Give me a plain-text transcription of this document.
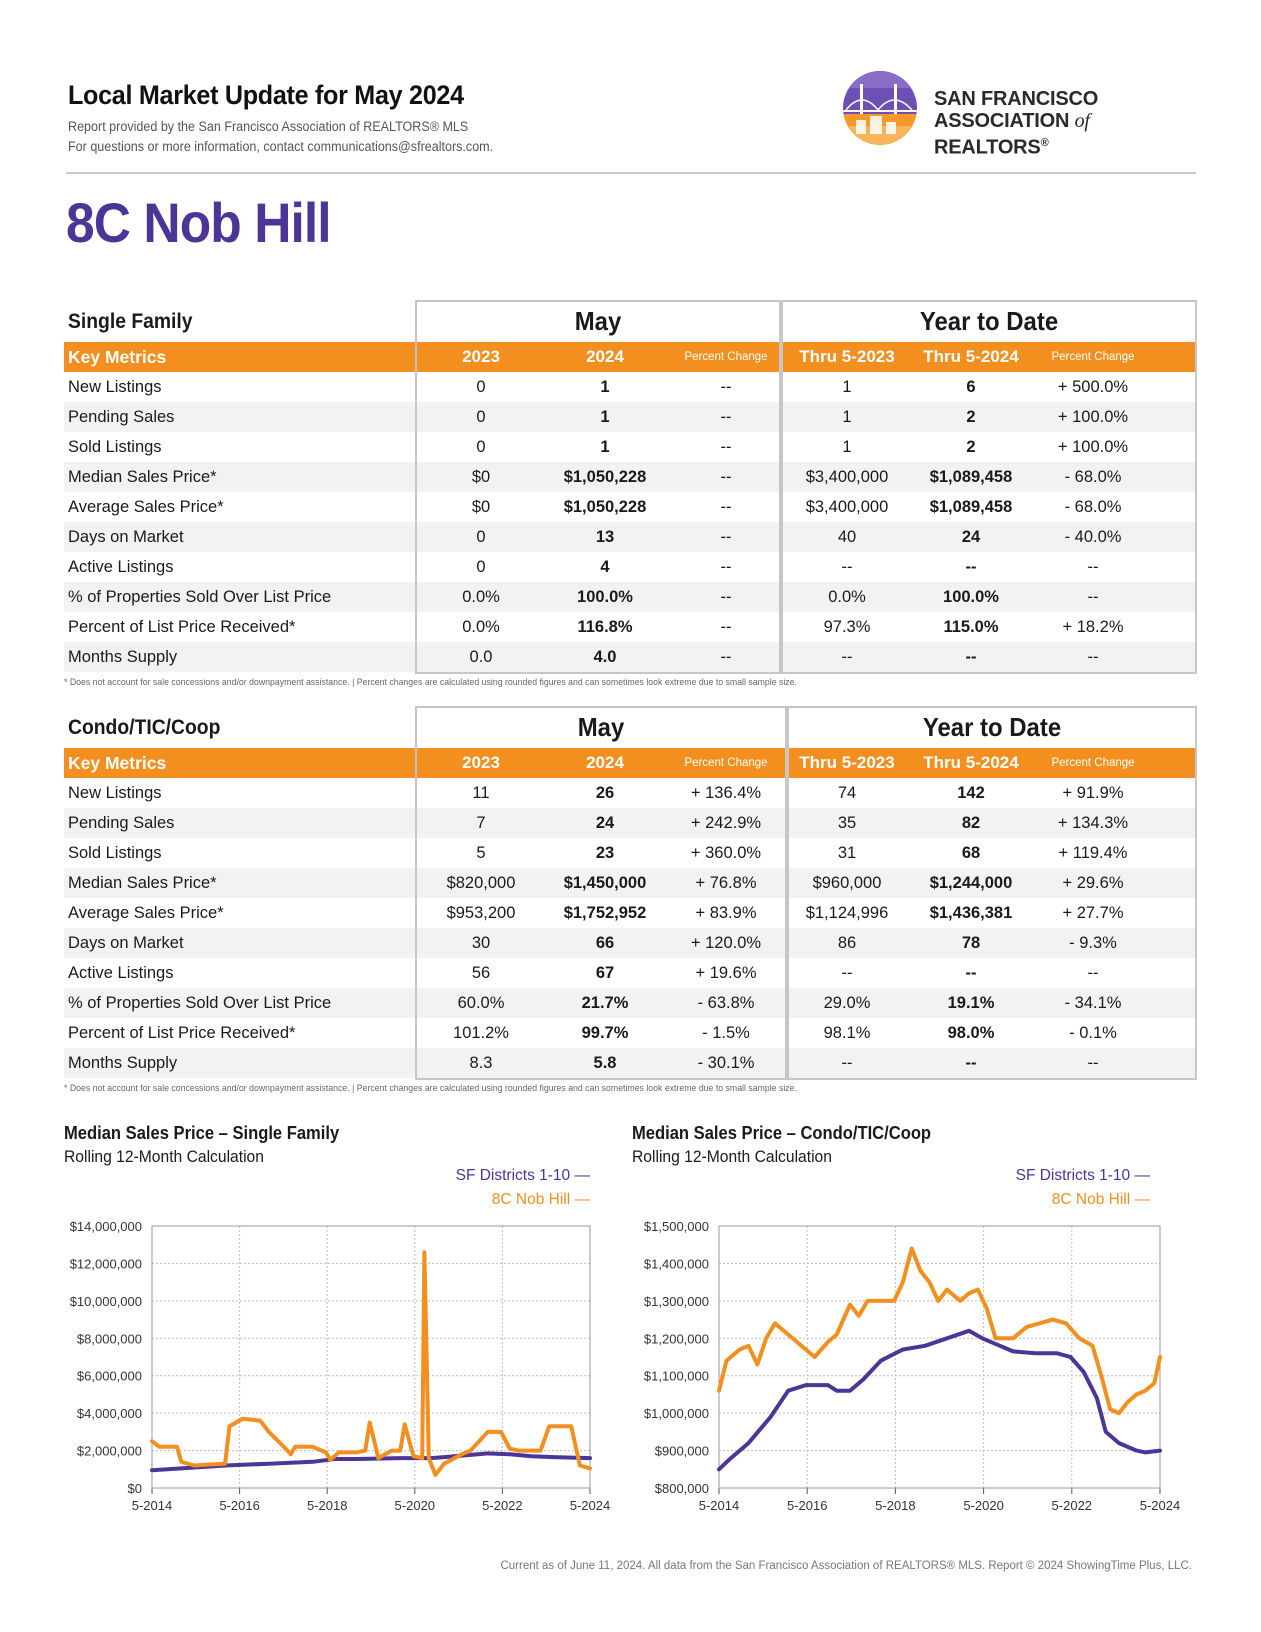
Local Market Update for May 2024
Report provided by the San Francisco Association of REALTORS® MLS
For questions or more information, contact communications@sfrealtors.com.
SAN FRANCISCO
ASSOCIATION of REALTORS®
8C Nob Hill
Single Family
Key Metrics	2023	2024	Percent Change	Thru 5-2023	Thru 5-2024	Percent Change
New Listings	0	1	--	1	6	+ 500.0%
Pending Sales	0	1	--	1	2	+ 100.0%
Sold Listings	0	1	--	1	2	+ 100.0%
Median Sales Price*	$0	$1,050,228	--	$3,400,000	$1,089,458	- 68.0%
Average Sales Price*	$0	$1,050,228	--	$3,400,000	$1,089,458	- 68.0%
Days on Market	0	13	--	40	24	- 40.0%
Active Listings	0	4	--	--	--	--
% of Properties Sold Over List Price	0.0%	100.0%	--	0.0%	100.0%	--
Percent of List Price Received*	0.0%	116.8%	--	97.3%	115.0%	+ 18.2%
Months Supply	0.0	4.0	--	--	--	--
May	Year to Date
* Does not account for sale concessions and/or downpayment assistance. | Percent changes are calculated using rounded figures and can sometimes look extreme due to small sample size.
Condo/TIC/Coop
Key Metrics	2023	2024	Percent Change	Thru 5-2023	Thru 5-2024	Percent Change
New Listings	11	26	+ 136.4%	74	142	+ 91.9%
Pending Sales	7	24	+ 242.9%	35	82	+ 134.3%
Sold Listings	5	23	+ 360.0%	31	68	+ 119.4%
Median Sales Price*	$820,000	$1,450,000	+ 76.8%	$960,000	$1,244,000	+ 29.6%
Average Sales Price*	$953,200	$1,752,952	+ 83.9%	$1,124,996	$1,436,381	+ 27.7%
Days on Market	30	66	+ 120.0%	86	78	- 9.3%
Active Listings	56	67	+ 19.6%	--	--	--
% of Properties Sold Over List Price	60.0%	21.7%	- 63.8%	29.0%	19.1%	- 34.1%
Percent of List Price Received*	101.2%	99.7%	- 1.5%	98.1%	98.0%	- 0.1%
Months Supply	8.3	5.8	- 30.1%	--	--	--
May	Year to Date
* Does not account for sale concessions and/or downpayment assistance. | Percent changes are calculated using rounded figures and can sometimes look extreme due to small sample size.
Median Sales Price – Single Family
Rolling 12-Month Calculation
SF Districts 1-10 —
8C Nob Hill —
$0
$2,000,000
$4,000,000
$6,000,000
$8,000,000
$10,000,000
$12,000,000
$14,000,000
5-2014	5-2016	5-2018	5-2020	5-2022	5-2024
Median Sales Price – Condo/TIC/Coop
Rolling 12-Month Calculation
SF Districts 1-10 —
8C Nob Hill —
$800,000
$900,000
$1,000,000
$1,100,000
$1,200,000
$1,300,000
$1,400,000
$1,500,000
5-2014	5-2016	5-2018	5-2020	5-2022	5-2024
Current as of June 11, 2024. All data from the San Francisco Association of REALTORS® MLS. Report © 2024 ShowingTime Plus, LLC.
